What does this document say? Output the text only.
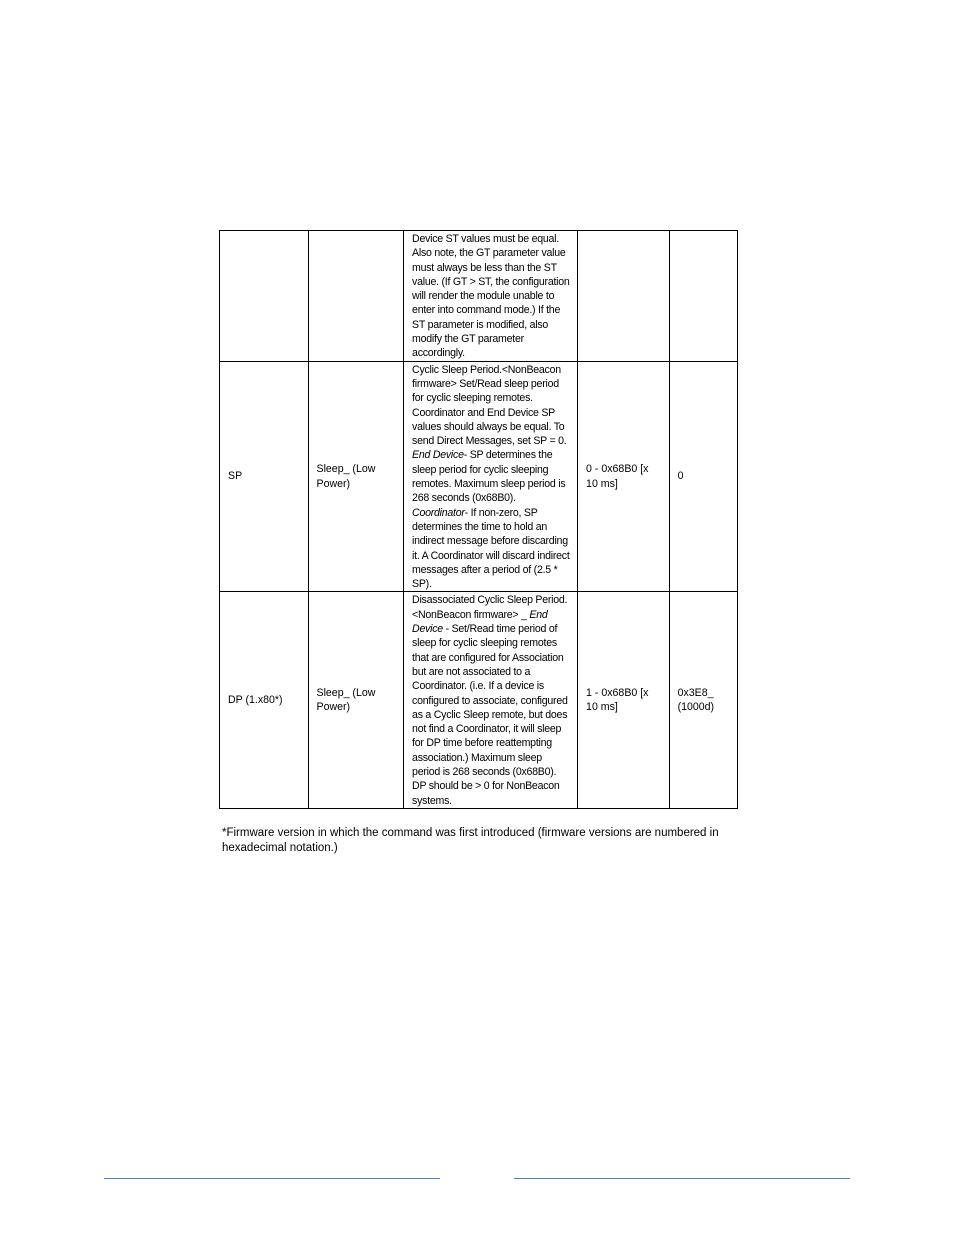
		Device ST values must be equal. Also note, the GT parameter value must always be less than the ST value. (If GT > ST, the configuration will render the module unable to enter into command mode.) If the ST parameter is modified, also modify the GT parameter accordingly.		
SP	Sleep_ (Low Power)	Cyclic Sleep Period.<NonBeacon firmware> Set/Read sleep period for cyclic sleeping remotes. Coordinator and End Device SP values should always be equal. To send Direct Messages, set SP = 0. End Device- SP determines the sleep period for cyclic sleeping remotes. Maximum sleep period is 268 seconds (0x68B0). Coordinator- If non-zero, SP determines the time to hold an indirect message before discarding it. A Coordinator will discard indirect messages after a period of (2.5 * SP).	0 - 0x68B0 [x 10 ms]	0
DP (1.x80*)	Sleep_ (Low Power)	Disassociated Cyclic Sleep Period.<NonBeacon firmware> _ End Device - Set/Read time period of sleep for cyclic sleeping remotes that are configured for Association but are not associated to a Coordinator. (i.e. If a device is configured to associate, configured as a Cyclic Sleep remote, but does not find a Coordinator, it will sleep for DP time before reattempting association.) Maximum sleep period is 268 seconds (0x68B0). DP should be > 0 for NonBeacon systems.	1 - 0x68B0 [x 10 ms]	0x3E8_ (1000d)
*Firmware version in which the command was first introduced (firmware versions are numbered in hexadecimal notation.)
